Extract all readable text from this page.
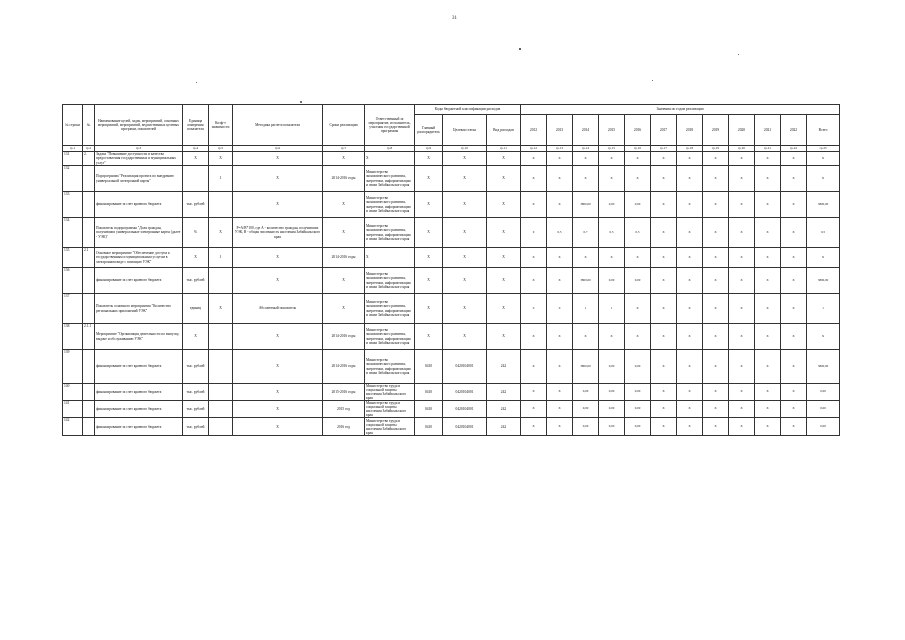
31
№ строки	№	Наименование целей, задач, мероприятий, основных мероприятий, мероприятий, ведомственных целевых программ, показателей	Единица измерения показателя	Коэф-т значимости	Методика расчета показателя	Сроки реализации	Ответственный за мероприятие, исполнитель, участник государственной программы	Коды бюджетной классификации расходов			Значения по годам реализации											
								Главный распорядитель	Целевая статья	Вид расходов	2012	2013	2014	2015	2016	2017	2018	2019	2020	2021	2022	Всего
гр.1	гр.2	гр.3	гр.4	гр.5	гр.6	гр.7	гр.8	гр.9	гр.10	гр.11	гр.12	гр.13	гр.14	гр.15	гр.16	гр.17	гр.18	гр.19	гр.20	гр.21	гр.22	гр.23
131	2.	Задача "Повышение доступности и качества предоставления государственных и муниципальных услуг"	Х	Х	Х	Х	Х	Х	Х	Х	Х	Х	Х	Х	Х	Х	Х	Х	Х	Х	Х	Х
132		Подпрограмма "Реализация проекта по внедрению универсальной электронной карты"		1	Х	2014-2016 годы	Министерство экономического развития, энергетики, информатизации и связи Забайкальского края	Х	Х	Х	Х	Х	Х	Х	Х	Х	Х	Х	Х	Х	Х	Х
133		финансирование за счет краевого бюджета	тыс. рублей		Х	Х	Министерство экономического развития, энергетики, информатизации и связи Забайкальского края	Х	Х	Х	Х	Х	3800,00	0,00	0,00	Х	Х	Х	Х	Х	Х	3800,00
134		Показатель подпрограммы "Доля граждан, получивших универсальные электронные карты (далее - УЭК)"	%	Х	Р=А/В*100, где А - количество граждан, получивших УЭК, В - общая численность населения Забайкальского края	Х	Министерство экономического развития, энергетики, информатизации и связи Забайкальского края	Х	Х	Х	0	0,5	0,7	0,5	0,5	Х	Х	Х	Х	Х	Х	0,5
135	2.1	Основное мероприятие "Обеспечение доступа к государственным и муниципальным услугам в электронном виде с помощью УЭК"	Х	1	Х	2014-2016 годы	Х	Х	Х	Х	Х	Х	Х	Х	Х	Х	Х	Х	Х	Х	Х	Х
136		финансирование за счет краевого бюджета	тыс. рублей		Х	Х	Министерство экономического развития, энергетики, информатизации и связи Забайкальского края	Х	Х	Х	Х	Х	3800,00	0,00	0,00	Х	Х	Х	Х	Х	Х	3800,00
137		Показатель основного мероприятия "Количество региональных приложений УЭК"	единиц	Х	Абсолютный показатель	Х	Министерство экономического развития, энергетики, информатизации и связи Забайкальского края	Х	Х	Х	0	0	1	1	Х	Х	Х	Х	Х	Х	Х	1
138	2.1.1	Мероприятие "Организация деятельности по выпуску, выдаче и обслуживанию УЭК"	Х		Х	2014-2016 годы	Министерство экономического развития, энергетики, информатизации и связи Забайкальского края	Х	Х	Х	Х	Х	Х	Х	Х	Х	Х	Х	Х	Х	Х	Х
139		финансирование за счет краевого бюджета	тыс. рублей		Х	2014-2016 годы	Министерство экономического развития, энергетики, информатизации и связи Забайкальского края	0410	0420104001	242	Х	Х	3800,00	0,00	0,00	Х	Х	Х	Х	Х	Х	3800,00
140		финансирование за счет краевого бюджета	тыс. рублей		Х	2015-2016 годы	Министерство труда и социальной защиты населения Забайкальского края	0410	0420104001	242	Х	Х	0,00	0,00	0,00	Х	Х	Х	Х	Х	Х	0,00
141		финансирование за счет краевого бюджета	тыс. рублей		Х	2015 год	Министерство труда и социальной защиты населения Забайкальского края	0410	0420104001	242	Х	Х	0,00	0,00	0,00	Х	Х	Х	Х	Х	Х	0,00
142		финансирование за счет краевого бюджета	тыс. рублей		Х	2016 год	Министерство труда и социальной защиты населения Забайкальского края	0410	0420104001	242	Х	Х	0,00	0,00	0,00	Х	Х	Х	Х	Х	Х	0,00
